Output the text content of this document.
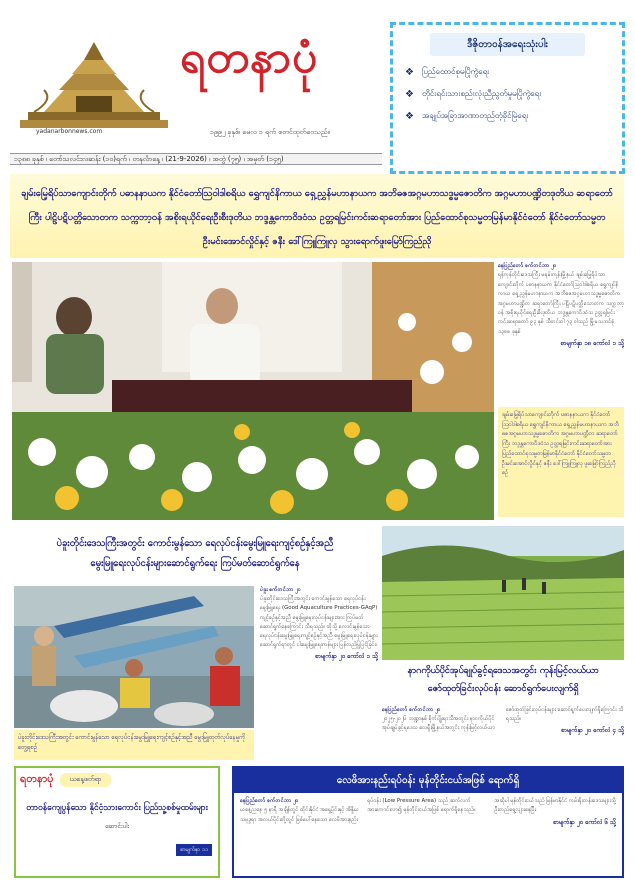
yadanarbonnews.com
ရတနာပုံ
၁၉၉၂ ခုနှစ်၊ မေလ ၁ ရက် စတင်ထုတ်ဝေသည်။
၁၃၈၈ ခုနှစ် ၊ တော်သလင်းလဆန်း (၁၀)ရက် ၊ တနင်္လာနေ့ ၊ (21-9-2026) ၊ အတွဲ (၇၅) ၊ အမှတ် (၁၄၅)
ဒီဇိုတာဝန်အရေးသုံးပါး
❖ ပြည်ထောင်စုမပြိုကွဲရေး
❖ တိုင်းရင်းသားစည်းလုံးညီညွတ်မှုမပြိုကွဲရေး
❖ အချုပ်အခြာအာဏာတည်တံ့ခိုင်မြဲရေး
ချမ်းမြေ့ရိပ်သာကျောင်းတိုက် ပဓာနနာယက နိုင်ငံတော်ဩဝါဒါစရိယ ရွှေကျင်နိကာယ ရှေ့ညွှန်မဟာနာယက အဘိဓဇအဂ္ဂမဟာသဒ္ဓမ္မဇောတိက အဂ္ဂမဟာပဏ္ဍိတဒုတိယ ဆရာတော်ကြီး ပါဠိပဋိပတ္တိသောတက သက္ကဘာ့ဝန် အစိုးရယိုင်ရေးဦးစီးဒုတိယ ဘဒ္ဒန္တကောဝိဒဝံသ ဥတ္တရမြင်းကင်းဆရာတော်အား ပြည်ထောင်စုသမ္မတမြန်မာနိုင်ငံတော် နိုင်ငံတော်သမ္မတ ဦးမင်းအောင်လှိုင်နှင့် ဇနီး ဒေါ်ကြူကြူလှ သွားရောက်ဖူးမြော်ကြည်ညို
နေပြည်တော် စက်တင်ဘာ ၂၀
ရန်ကုန်တိုင်းဒေသကြီး မရမ်းကုန်းမြို့နယ် ချမ်းမြေ့ရိပ်သာကျောင်းတိုက် ပဓာနနာယက နိုင်ငံတော်ဩဝါဒါစရိယ ရွှေကျင်နိကာယ ရှေ့ညွှန်မဟာနာယက အဘိဓဇအဂ္ဂမဟာသဒ္ဓမ္မဇောတိက အဂ္ဂမဟာပဏ္ဍိတ ဆရာတော်ကြီး ပါဠိပဋိပတ္တိသောတက သက္ကဘာ့ဝန် အစိုးရယိုင်ရေးဦးစီးဒုတိယ ဘဒ္ဒန္တကောဝိဒဝံသ ဥတ္တရမြင်းကင်းဆရာတော် ၉၃ နှစ် သီတင်းဝါ ၇၃ ဝါသည် မြို့မသဘင်စုံ ၁၃၈၈ ခုနှစ်
စာမျက်နှာ ၁၈ ကော်လံ ၁ သို့
ချမ်းမြေ့ရိပ်သာကျောင်းတိုက် ပဓာနနာယက နိုင်ငံတော်ဩဝါဒါစရိယ ရွှေကျင်နိကာယ ရှေ့ညွှန်မဟာနာယက အဘိဓဇအဂ္ဂမဟာသဒ္ဓမ္မဇောတိက အဂ္ဂမဟာပဏ္ဍိတ ဆရာတော်ကြီး ဘဒ္ဒန္တကောဝိဒဝံသ ဥတ္တရမြင်းကင်းဆရာတော်အား ပြည်ထောင်စုသမ္မတမြန်မာနိုင်ငံတော် နိုင်ငံတော်သမ္မတ ဦးမင်းအောင်လှိုင်နှင့် ဇနီး ဒေါ်ကြူကြူလှ ဖူးမြော်ကြည်ညိုစဉ်
ပဲခူးတိုင်းဒေသကြီးအတွင်း ကောင်းမွန်သော ရေလုပ်ငန်းမွေးမြူရေးကျင့်စဉ်နှင့်အညီ
မွေးမြူရေးလုပ်ငန်းများဆောင်ရွက်ရေး ကြပ်မတ်ဆောင်ရွက်နေ
ပဲခူး စက်တင်ဘာ ၂၀
ပဲခူးတိုင်းဒေသကြီးအတွင်း ကောင်းမွန်သော ရေလုပ်ငန်းမွေးမြူရေး (Good Aquaculture Practices-GAqP) ကျင့်စဉ်နှင့်အညီ မွေးမြူရေးလုပ်ငန်းများအား ကြပ်မတ်ဆောင်ရွက်နေကြောင်း သိရသည်။ ထိုသို့ ကောင်းမွန်သော ရေလုပ်ငန်းမွေးမြူရေးကျင့်စဉ်နှင့်အညီ မွေးမြူရေးလုပ်ငန်းများဆောင်ရွက်ရာတွင် ငါးမွေးမြူရေးကန်များ ပြန်လည်ပြုပြင်ခြင်း၊
စာမျက်နှာ ၂၀ ကော်လံ ၁ သို့
ပဲခူးတိုင်းဒေသကြီးအတွင်း ကောင်းမွန်သော ရေလုပ်ငန်းမွေးမြူရေးကျင့်စဉ်နှင့်အညီ မွေးမြူထုတ်လုပ်နေမှုကို တွေ့ရစဉ်
နာဂကိုယ်ပိုင်အုပ်ချုပ်ခွင့်ရဒေသအတွင်း ကုန်းမြင့်လယ်ယာ
ဇော်ထုတ်ခြင်းလုပ်ငန်း ဆောင်ရွက်ပေးလျက်ရှိ
နေပြည်တော် စက်တင်ဘာ ၂၀
၂၀၂၅-၂၀၂၆ ဘဏ္ဍာနှစ် စိုက်ပျိုးရာသီအတွင်း နာဂကိုယ်ပိုင်အုပ်ချုပ်ခွင့်ရဒေသ လေရှီးမြို့နယ်အတွင်း ကုန်းမြင့်လယ်ယာ ဇော်ထုတ်ခြင်းလုပ်ငန်းများ ဆောင်ရွက်ပေးလျက်ရှိကြောင်း သိရသည်။
စာမျက်နှာ ၂၀ ကော်လံ ၄ သို့
ရတနာပုံ	ယနေ့ဖတ်ရာ
တာဝန်ကျေပွန်သော နိုင်ငံ့သားကောင်း ပြည်သူ့စစ်မှုထမ်းများ
ဆောင်းပါး
စာမျက်နှာ ၁၁
လေဖိအားနည်းရပ်ဝန်း မုန်တိုင်းငယ်အဖြစ် ရောက်ရှိ
နေပြည်တော် စက်တင်ဘာ ၂၀
ယနေ့ညနေ ၅ နာရီ အချိန်တွင် ထိုင်းနိုင်ငံ အရှေ့ပိုင်းနှင့် အိန္ဒိယသမုဒ္ဒရာ အလယ်ပိုင်းတို့တွင် ဖြစ်ပေါ်နေသော လေဖိအားနည်းရပ်ဝန်း (Low Pressure Area) သည် ဆက်လက်အားကောင်းလာ၍ မုန်တိုင်းငယ်အဖြစ် ရောက်ရှိနေသည်။ အဆိုပါ မုန်တိုင်းငယ်သည် မြန်မာနိုင်ငံ ကမ်းရိုးတန်းဒေသများသို့ ဦးတည်ရွေ့လျားနေပြီး
စာမျက်နှာ ၂၀ ကော်လံ ၆ သို့
